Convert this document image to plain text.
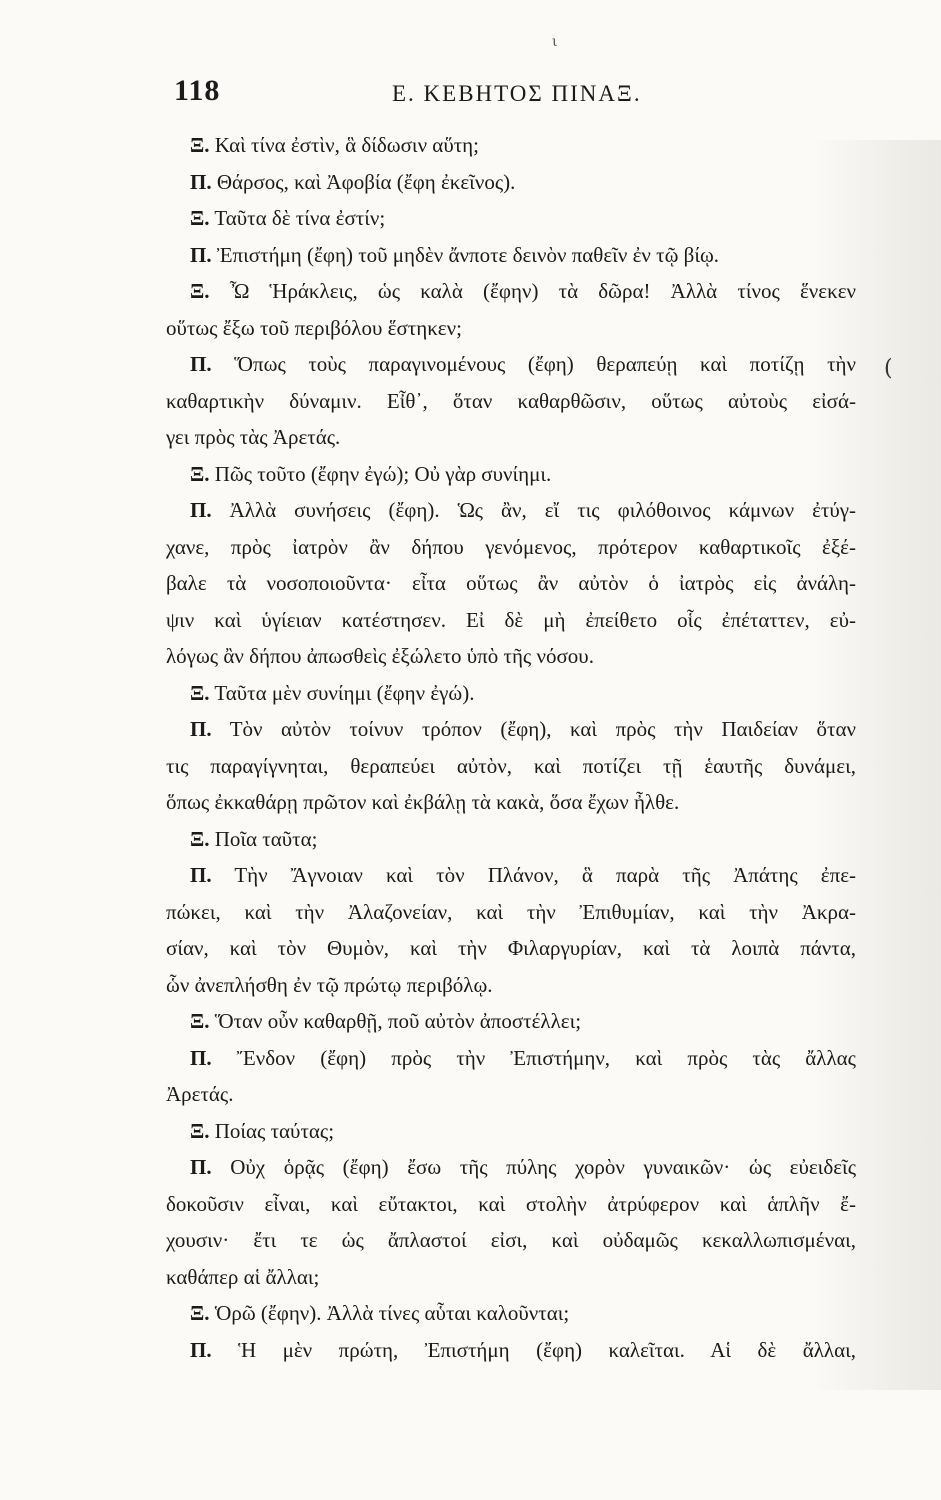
118	Ε. ΚΕΒΗΤΟΣ ΠΙΝΑΞ.
ι
(
Ξ. Καὶ τίνα ἐστὶν, ἃ δίδωσιν αὕτη;
Π. Θάρσος, καὶ Ἀφοβία (ἔφη ἐκεῖνος).
Ξ. Ταῦτα δὲ τίνα ἐστίν;
Π. Ἐπιστήμη (ἔφη) τοῦ μηδὲν ἄνποτε δεινὸν παθεῖν ἐν τῷ βίῳ.
Ξ. Ὦ Ἡράκλεις, ὡς καλὰ (ἔφην) τὰ δῶρα! Ἀλλὰ τίνος ἕνεκεν
οὕτως ἔξω τοῦ περιβόλου ἕστηκεν;
Π. Ὅπως τοὺς παραγινομένους (ἔφη) θεραπεύῃ καὶ ποτίζῃ τὴν
καθαρτικὴν δύναμιν. Εἶθ᾽, ὅταν καθαρθῶσιν, οὕτως αὐτοὺς εἰσά-
γει πρὸς τὰς Ἀρετάς.
Ξ. Πῶς τοῦτο (ἔφην ἐγώ); Οὐ γὰρ συνίημι.
Π. Ἀλλὰ συνήσεις (ἔφη). Ὡς ἂν, εἴ τις φιλόθοινος κάμνων ἐτύγ-
χανε, πρὸς ἰατρὸν ἂν δήπου γενόμενος, πρότερον καθαρτικοῖς ἐξέ-
βαλε τὰ νοσοποιοῦντα· εἶτα οὕτως ἂν αὐτὸν ὁ ἰατρὸς εἰς ἀνάλη-
ψιν καὶ ὑγίειαν κατέστησεν. Εἰ δὲ μὴ ἐπείθετο οἷς ἐπέταττεν, εὐ-
λόγως ἂν δήπου ἀπωσθεὶς ἐξώλετο ὑπὸ τῆς νόσου.
Ξ. Ταῦτα μὲν συνίημι (ἔφην ἐγώ).
Π. Τὸν αὐτὸν τοίνυν τρόπον (ἔφη), καὶ πρὸς τὴν Παιδείαν ὅταν
τις παραγίγνηται, θεραπεύει αὐτὸν, καὶ ποτίζει τῇ ἑαυτῆς δυνάμει,
ὅπως ἐκκαθάρῃ πρῶτον καὶ ἐκβάλῃ τὰ κακὰ, ὅσα ἔχων ἦλθε.
Ξ. Ποῖα ταῦτα;
Π. Τὴν Ἄγνοιαν καὶ τὸν Πλάνον, ἃ παρὰ τῆς Ἀπάτης ἐπε-
πώκει, καὶ τὴν Ἀλαζονείαν, καὶ τὴν Ἐπιθυμίαν, καὶ τὴν Ἀκρα-
σίαν, καὶ τὸν Θυμὸν, καὶ τὴν Φιλαργυρίαν, καὶ τὰ λοιπὰ πάντα,
ὧν ἀνεπλήσθη ἐν τῷ πρώτῳ περιβόλῳ.
Ξ. Ὅταν οὖν καθαρθῇ, ποῦ αὐτὸν ἀποστέλλει;
Π. Ἔνδον (ἔφη) πρὸς τὴν Ἐπιστήμην, καὶ πρὸς τὰς ἄλλας
Ἀρετάς.
Ξ. Ποίας ταύτας;
Π. Οὐχ ὁρᾷς (ἔφη) ἔσω τῆς πύλης χορὸν γυναικῶν· ὡς εὐειδεῖς
δοκοῦσιν εἶναι, καὶ εὔτακτοι, καὶ στολὴν ἀτρύφερον καὶ ἁπλῆν ἔ-
χουσιν· ἔτι τε ὡς ἄπλαστοί εἰσι, καὶ οὐδαμῶς κεκαλλωπισμέναι,
καθάπερ αἱ ἄλλαι;
Ξ. Ὁρῶ (ἔφην). Ἀλλὰ τίνες αὗται καλοῦνται;
Π. Ἡ μὲν πρώτη, Ἐπιστήμη (ἔφη) καλεῖται. Αἱ δὲ ἄλλαι,
